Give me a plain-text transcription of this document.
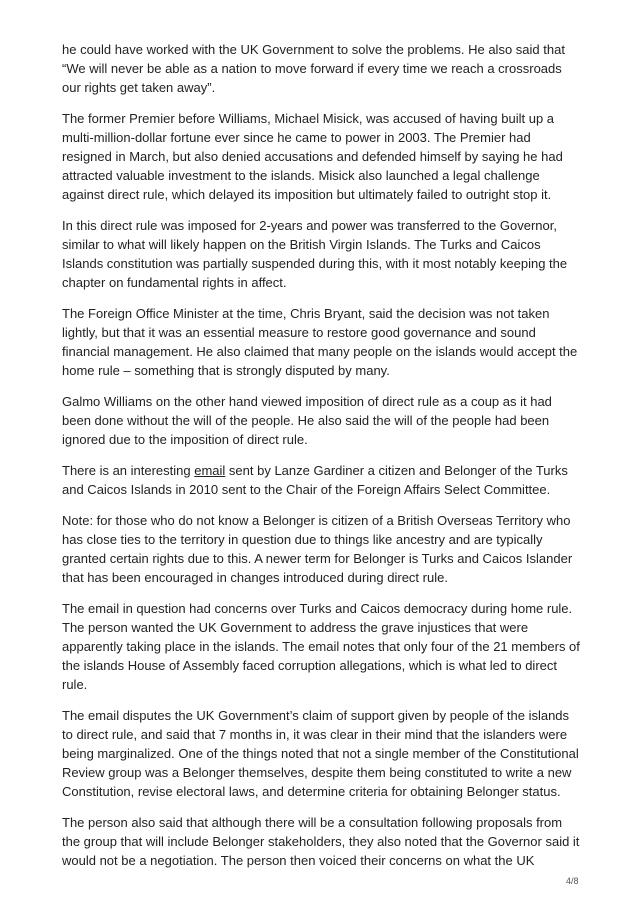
he could have worked with the UK Government to solve the problems. He also said that “We will never be able as a nation to move forward if every time we reach a crossroads our rights get taken away”.

The former Premier before Williams, Michael Misick, was accused of having built up a multi-million-dollar fortune ever since he came to power in 2003. The Premier had resigned in March, but also denied accusations and defended himself by saying he had attracted valuable investment to the islands. Misick also launched a legal challenge against direct rule, which delayed its imposition but ultimately failed to outright stop it.

In this direct rule was imposed for 2-years and power was transferred to the Governor, similar to what will likely happen on the British Virgin Islands. The Turks and Caicos Islands constitution was partially suspended during this, with it most notably keeping the chapter on fundamental rights in affect.

The Foreign Office Minister at the time, Chris Bryant, said the decision was not taken lightly, but that it was an essential measure to restore good governance and sound financial management. He also claimed that many people on the islands would accept the home rule – something that is strongly disputed by many.

Galmo Williams on the other hand viewed imposition of direct rule as a coup as it had been done without the will of the people. He also said the will of the people had been ignored due to the imposition of direct rule.

There is an interesting email sent by Lanze Gardiner a citizen and Belonger of the Turks and Caicos Islands in 2010 sent to the Chair of the Foreign Affairs Select Committee.

Note: for those who do not know a Belonger is citizen of a British Overseas Territory who has close ties to the territory in question due to things like ancestry and are typically granted certain rights due to this. A newer term for Belonger is Turks and Caicos Islander that has been encouraged in changes introduced during direct rule.

The email in question had concerns over Turks and Caicos democracy during home rule. The person wanted the UK Government to address the grave injustices that were apparently taking place in the islands. The email notes that only four of the 21 members of the islands House of Assembly faced corruption allegations, which is what led to direct rule.

The email disputes the UK Government’s claim of support given by people of the islands to direct rule, and said that 7 months in, it was clear in their mind that the islanders were being marginalized. One of the things noted that not a single member of the Constitutional Review group was a Belonger themselves, despite them being constituted to write a new Constitution, revise electoral laws, and determine criteria for obtaining Belonger status.

The person also said that although there will be a consultation following proposals from the group that will include Belonger stakeholders, they also noted that the Governor said it would not be a negotiation. The person then voiced their concerns on what the UK

4/8
